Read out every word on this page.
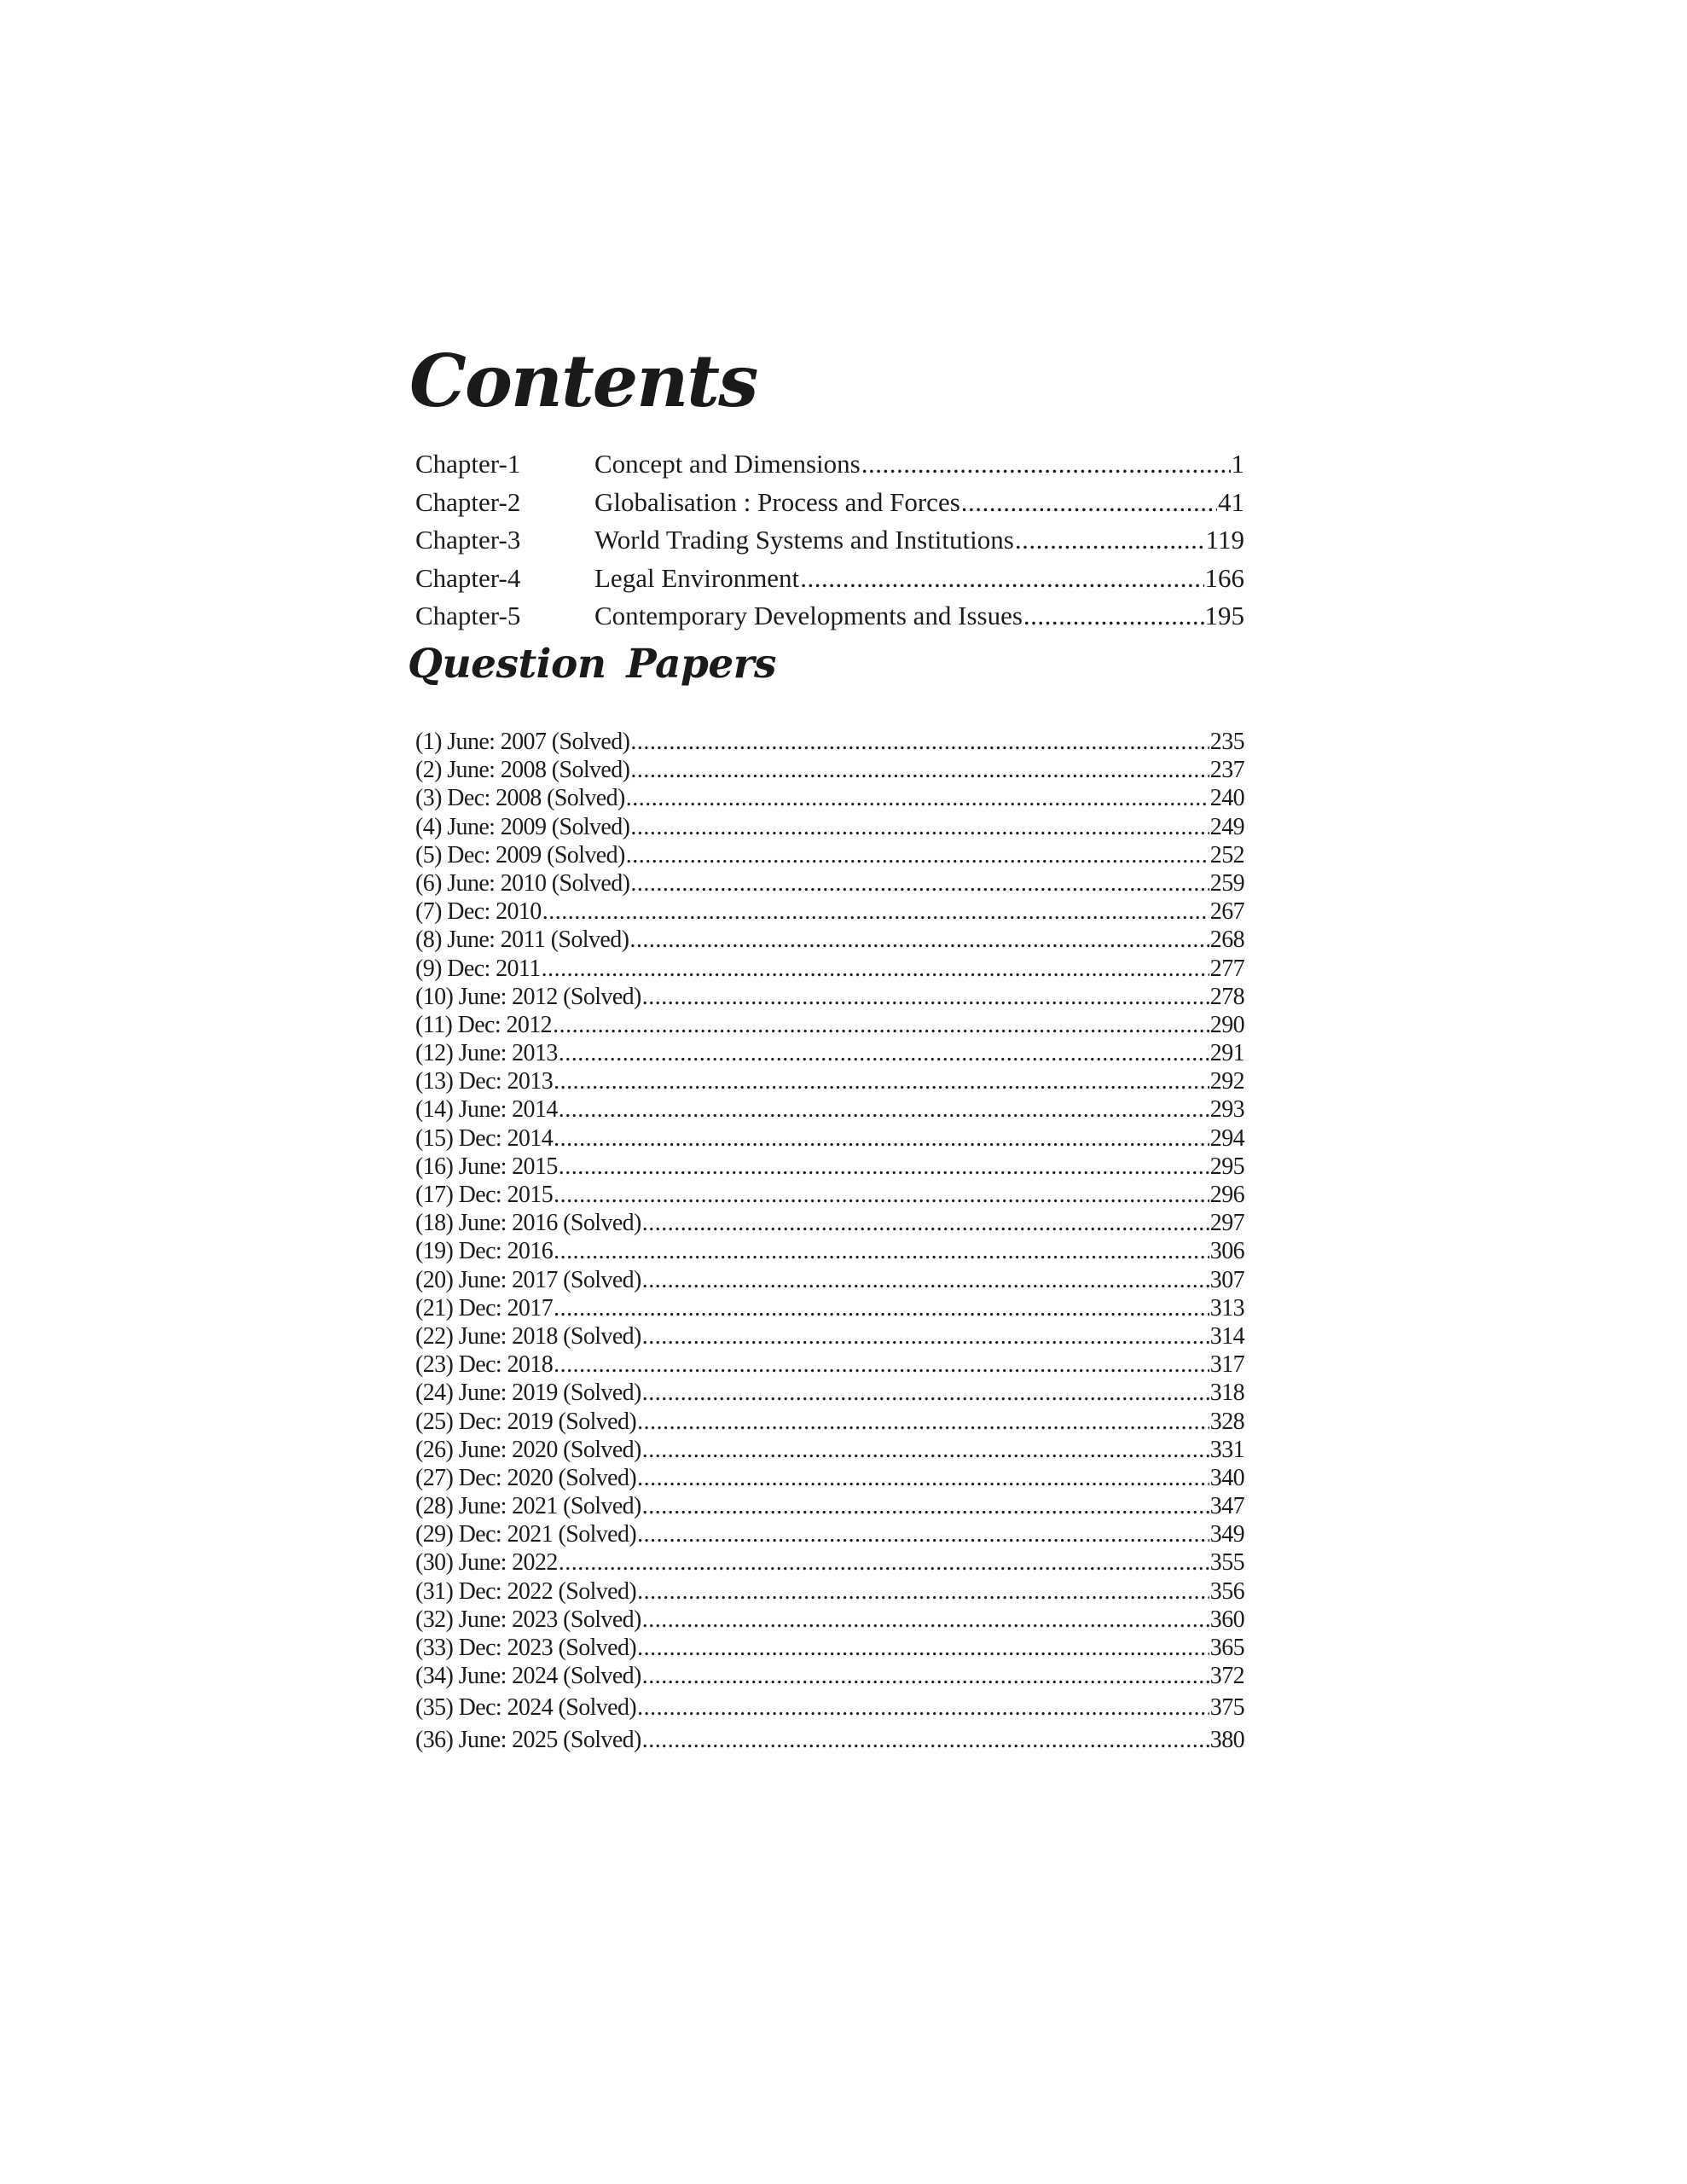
Contents
Chapter-1	Concept and Dimensions .....	1
Chapter-2	Globalisation : Process and Forces .....	41
Chapter-3	World Trading Systems and Institutions .....	119
Chapter-4	Legal Environment .....	166
Chapter-5	Contemporary Developments and Issues .....	195
Question Papers
(1) June: 2007 (Solved) .....	235
(2) June: 2008 (Solved) .....	237
(3) Dec: 2008 (Solved) .....	240
(4) June: 2009 (Solved) .....	249
(5) Dec: 2009 (Solved) .....	252
(6) June: 2010 (Solved) .....	259
(7) Dec: 2010 .....	267
(8) June: 2011 (Solved) .....	268
(9) Dec: 2011 .....	277
(10) June: 2012 (Solved) .....	278
(11) Dec: 2012 .....	290
(12) June: 2013 .....	291
(13) Dec: 2013 .....	292
(14) June: 2014 .....	293
(15) Dec: 2014 .....	294
(16) June: 2015 .....	295
(17) Dec: 2015 .....	296
(18) June: 2016 (Solved) .....	297
(19) Dec: 2016 .....	306
(20) June: 2017 (Solved) .....	307
(21) Dec: 2017 .....	313
(22) June: 2018 (Solved) .....	314
(23) Dec: 2018 .....	317
(24) June: 2019 (Solved) .....	318
(25) Dec: 2019 (Solved) .....	328
(26) June: 2020 (Solved) .....	331
(27) Dec: 2020 (Solved) .....	340
(28) June: 2021 (Solved) .....	347
(29) Dec: 2021 (Solved) .....	349
(30) June: 2022 .....	355
(31) Dec: 2022 (Solved) .....	356
(32) June: 2023 (Solved) .....	360
(33) Dec: 2023 (Solved) .....	365
(34) June: 2024 (Solved) .....	372
(35) Dec: 2024 (Solved) .....	375
(36) June: 2025 (Solved) .....	380
